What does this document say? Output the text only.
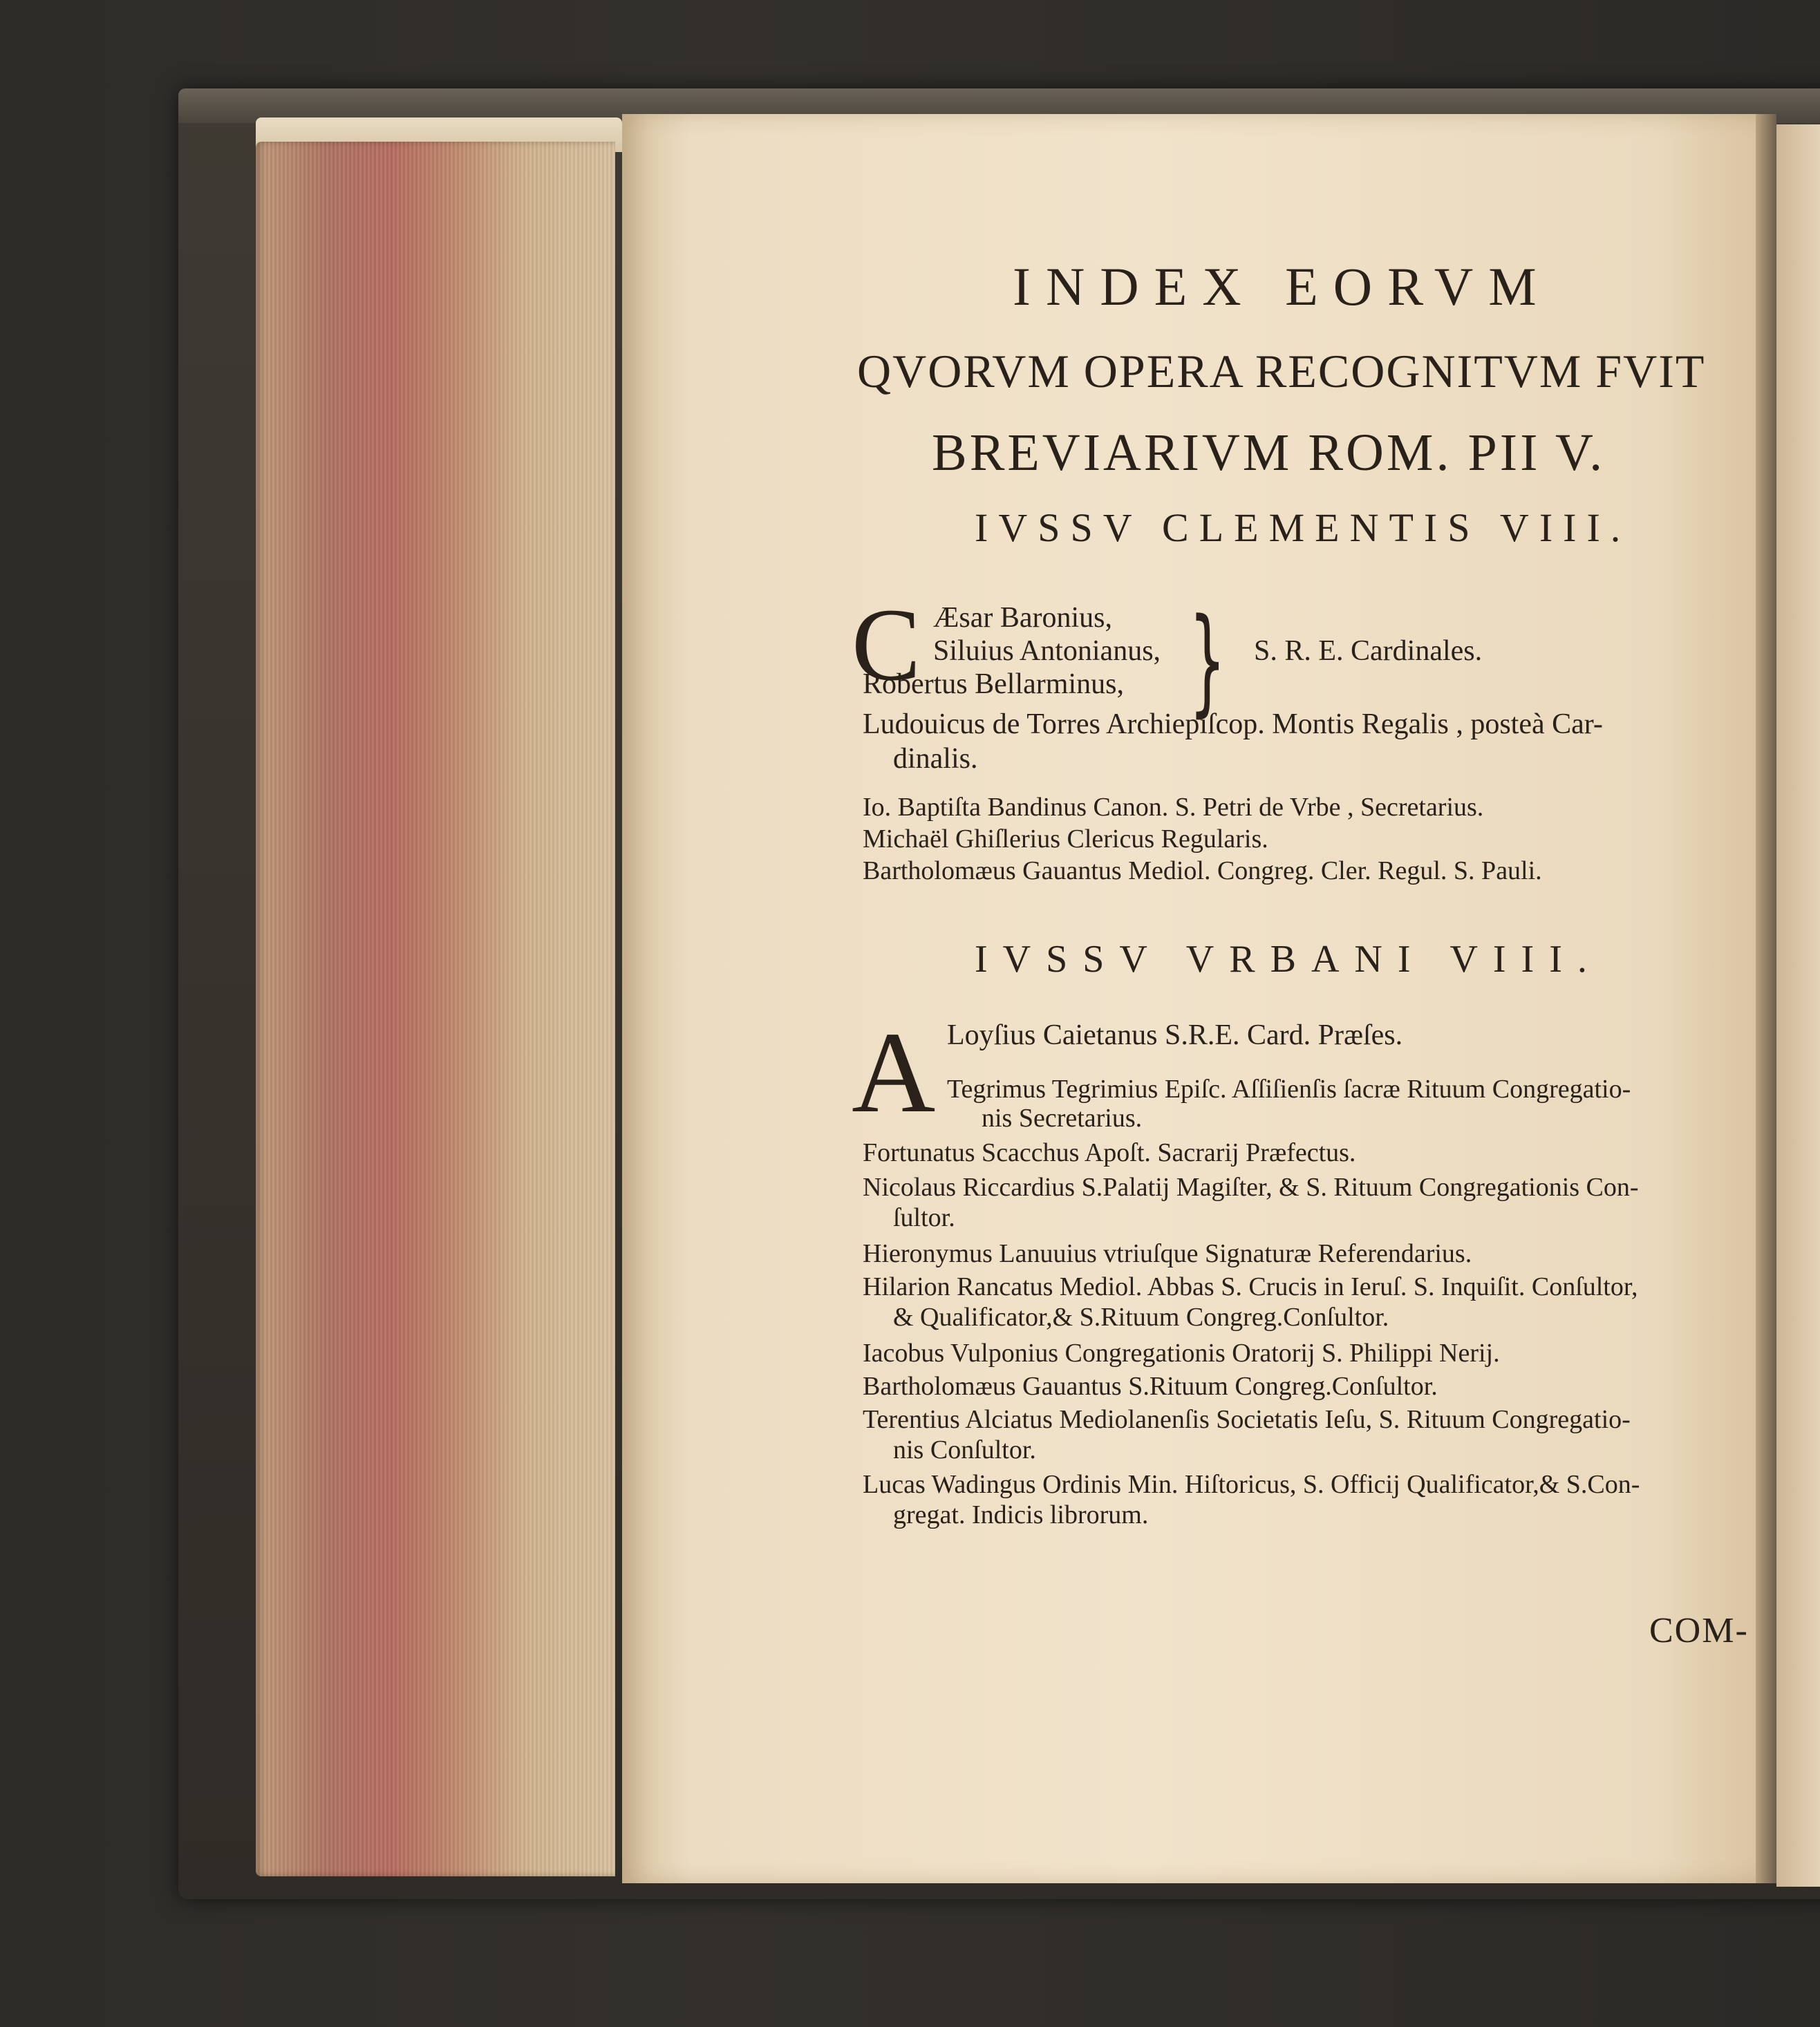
INDEX EORVM
QVORVM OPERA RECOGNITVM FVIT
BREVIARIVM ROM. PII V.
IVSSV CLEMENTIS VIII.
C Æsar Baronius,
Siluius Antonianus,
Robertus Bellarminus, } S. R. E. Cardinales.
Ludouicus de Torres Archiepiſcop. Montis Regalis , posteà Car-
dinalis.
Io. Baptiſta Bandinus Canon. S. Petri de Vrbe , Secretarius.
Michaël Ghiſlerius Clericus Regularis.
Bartholomæus Gauantus Mediol. Congreg. Cler. Regul. S. Pauli.
IVSSV VRBANI VIII.
A Loyſius Caietanus S.R.E. Card. Præſes.
Tegrimus Tegrimius Epiſc. Aſſiſienſis ſacræ Rituum Congregatio-
nis Secretarius.
Fortunatus Scacchus Apoſt. Sacrarij Præfectus.
Nicolaus Riccardius S.Palatij Magiſter, & S. Rituum Congregationis Con-
ſultor.
Hieronymus Lanuuius vtriuſque Signaturæ Referendarius.
Hilarion Rancatus Mediol. Abbas S. Crucis in Ieruſ. S. Inquiſit. Conſultor,
& Qualificator,& S.Rituum Congreg.Conſultor.
Iacobus Vulponius Congregationis Oratorij S. Philippi Nerij.
Bartholomæus Gauantus S.Rituum Congreg.Conſultor.
Terentius Alciatus Mediolanenſis Societatis Ieſu, S. Rituum Congregatio-
nis Conſultor.
Lucas Wadingus Ordinis Min. Hiſtoricus, S. Officij Qualificator,& S.Con-
gregat. Indicis librorum.
COM-
